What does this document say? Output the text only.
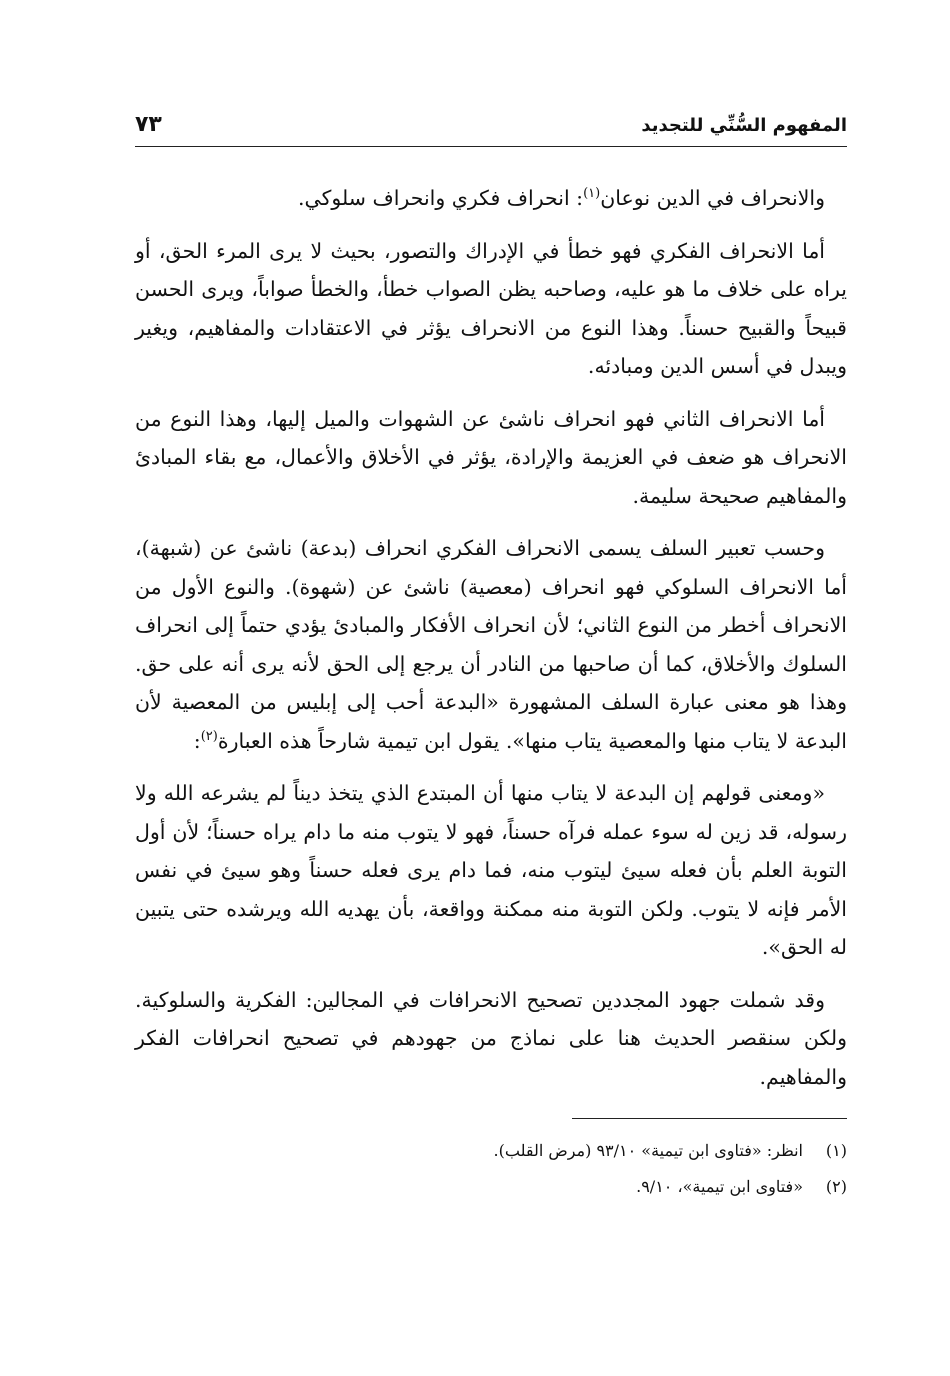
المفهوم السُّنِّي للتجديد
٧٣

والانحراف في الدين نوعان$^{(١)}$: انحراف فكري وانحراف سلوكي.

أما الانحراف الفكري فهو خطأ في الإدراك والتصور، بحيث لا يرى المرء الحق، أو يراه على خلاف ما هو عليه، وصاحبه يظن الصواب خطأ، والخطأ صواباً، ويرى الحسن قبيحاً والقبيح حسناً. وهذا النوع من الانحراف يؤثر في الاعتقادات والمفاهيم، ويغير ويبدل في أسس الدين ومبادئه.

أما الانحراف الثاني فهو انحراف ناشئ عن الشهوات والميل إليها، وهذا النوع من الانحراف هو ضعف في العزيمة والإرادة، يؤثر في الأخلاق والأعمال، مع بقاء المبادئ والمفاهيم صحيحة سليمة.

وحسب تعبير السلف يسمى الانحراف الفكري انحراف (بدعة) ناشئ عن (شبهة)، أما الانحراف السلوكي فهو انحراف (معصية) ناشئ عن (شهوة). والنوع الأول من الانحراف أخطر من النوع الثاني؛ لأن انحراف الأفكار والمبادئ يؤدي حتماً إلى انحراف السلوك والأخلاق، كما أن صاحبها من النادر أن يرجع إلى الحق لأنه يرى أنه على حق. وهذا هو معنى عبارة السلف المشهورة «البدعة أحب إلى إبليس من المعصية لأن البدعة لا يتاب منها والمعصية يتاب منها». يقول ابن تيمية شارحاً هذه العبارة$^{(٢)}$:

«ومعنى قولهم إن البدعة لا يتاب منها أن المبتدع الذي يتخذ ديناً لم يشرعه الله ولا رسوله، قد زين له سوء عمله فرآه حسناً، فهو لا يتوب منه ما دام يراه حسناً؛ لأن أول التوبة العلم بأن فعله سيئ ليتوب منه، فما دام يرى فعله حسناً وهو سيئ في نفس الأمر فإنه لا يتوب. ولكن التوبة منه ممكنة وواقعة، بأن يهديه الله ويرشده حتى يتبين له الحق».

وقد شملت جهود المجددين تصحيح الانحرافات في المجالين: الفكرية والسلوكية. ولكن سنقصر الحديث هنا على نماذج من جهودهم في تصحيح انحرافات الفكر والمفاهيم.

(١)
انظر: «فتاوى ابن تيمية» ٩٣/١٠ (مرض القلب).
(٢)
«فتاوى ابن تيمية»، ٩/١٠.
